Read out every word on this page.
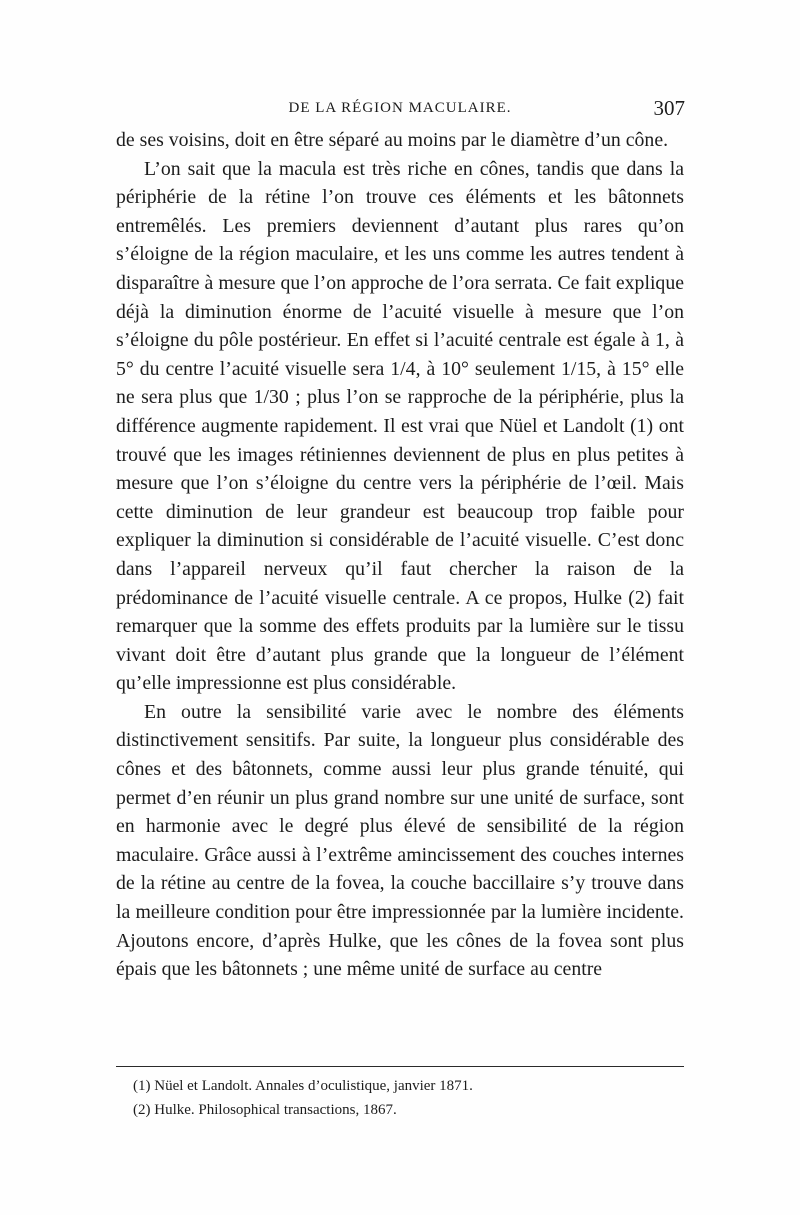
DE LA RÉGION MACULAIRE.	307

de ses voisins, doit en être séparé au moins par le diamètre d’un cône.

L’on sait que la macula est très riche en cônes, tandis que dans la périphérie de la rétine l’on trouve ces éléments et les bâtonnets entremêlés. Les premiers deviennent d’autant plus rares qu’on s’éloigne de la région maculaire, et les uns comme les autres tendent à disparaître à mesure que l’on approche de l’ora serrata. Ce fait explique déjà la diminution énorme de l’acuité visuelle à mesure que l’on s’éloigne du pôle postérieur. En effet si l’acuité centrale est égale à 1, à 5° du centre l’acuité visuelle sera 1/4, à 10° seulement 1/15, à 15° elle ne sera plus que 1/30 ; plus l’on se rapproche de la périphérie, plus la différence augmente rapidement. Il est vrai que Nüel et Landolt (1) ont trouvé que les images rétiniennes deviennent de plus en plus petites à mesure que l’on s’éloigne du centre vers la périphérie de l’œil. Mais cette diminution de leur grandeur est beaucoup trop faible pour expliquer la diminution si considérable de l’acuité visuelle. C’est donc dans l’appareil nerveux qu’il faut chercher la raison de la prédominance de l’acuité visuelle centrale. A ce propos, Hulke (2) fait remarquer que la somme des effets produits par la lumière sur le tissu vivant doit être d’autant plus grande que la longueur de l’élément qu’elle impressionne est plus considérable.

En outre la sensibilité varie avec le nombre des éléments distinctivement sensitifs. Par suite, la longueur plus considérable des cônes et des bâtonnets, comme aussi leur plus grande ténuité, qui permet d’en réunir un plus grand nombre sur une unité de surface, sont en harmonie avec le degré plus élevé de sensibilité de la région maculaire. Grâce aussi à l’extrême amincissement des couches internes de la rétine au centre de la fovea, la couche baccillaire s’y trouve dans la meilleure condition pour être impressionnée par la lumière incidente. Ajoutons encore, d’après Hulke, que les cônes de la fovea sont plus épais que les bâtonnets ; une même unité de surface au centre

(1) Nüel et Landolt. Annales d’oculistique, janvier 1871.

(2) Hulke. Philosophical transactions, 1867.
